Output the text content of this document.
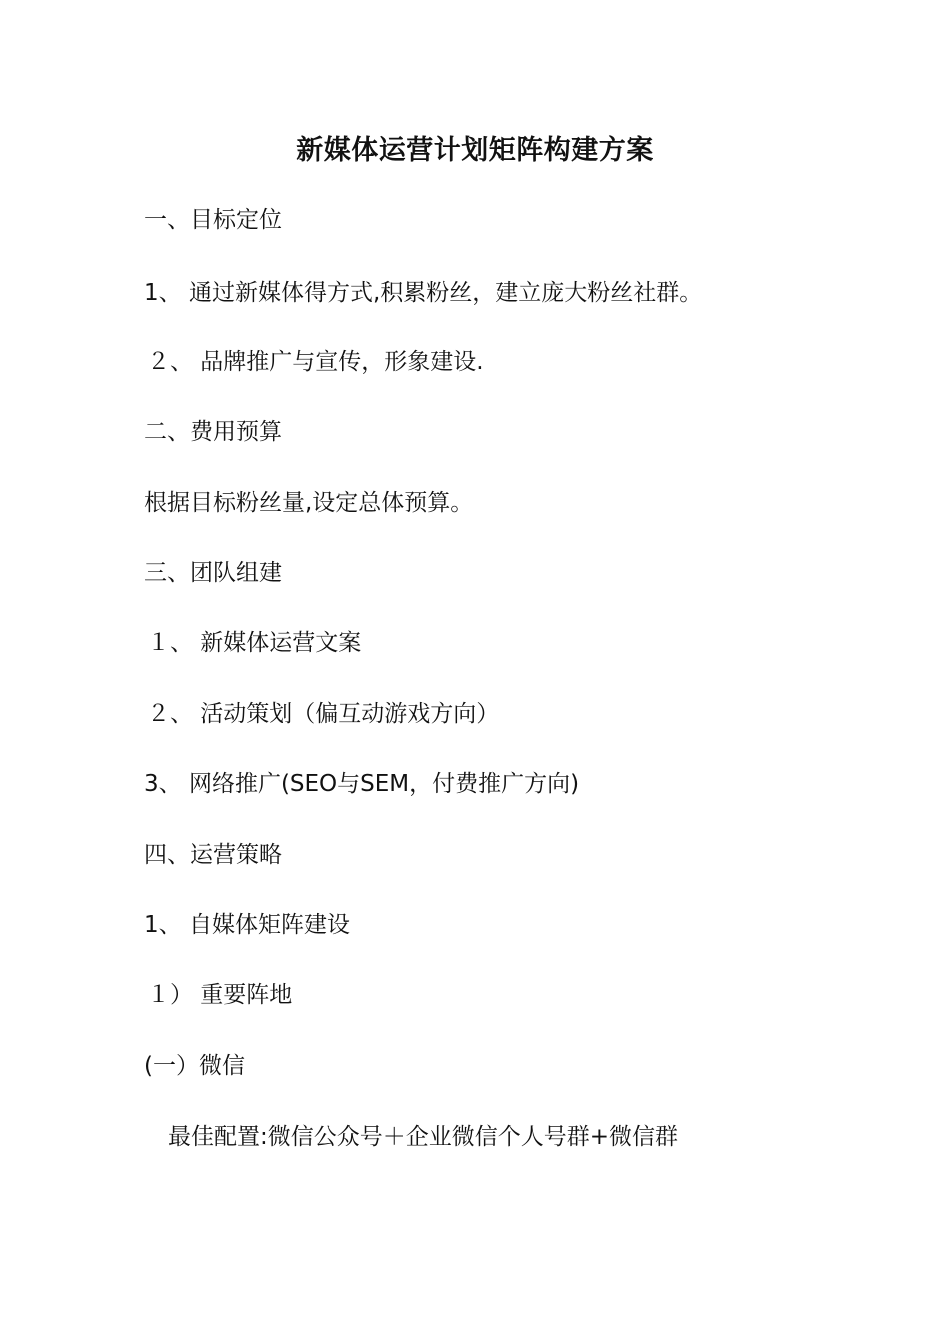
新媒体运营计划矩阵构建方案
一、目标定位
1、 通过新媒体得方式,积累粉丝，建立庞大粉丝社群。
２、 品牌推广与宣传，形象建设.
二、费用预算
根据目标粉丝量,设定总体预算。
三、团队组建
１、 新媒体运营文案
２、 活动策划（偏互动游戏方向）
3、 网络推广(SEO与SEM，付费推广方向)
四、运营策略
1、 自媒体矩阵建设
１） 重要阵地
(一）微信
最佳配置:微信公众号＋企业微信个人号群+微信群
